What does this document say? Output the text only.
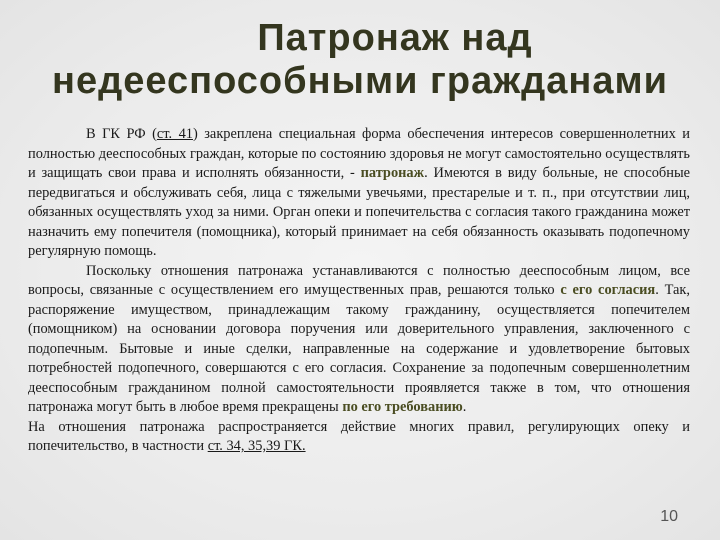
Патронаж над
недееспособными гражданами

В ГК РФ (ст. 41) закреплена специальная форма обеспечения интересов совершеннолетних и полностью дееспособных граждан, которые по состоянию здоровья не могут самостоятельно осуществлять и защищать свои права и исполнять обязанности, - патронаж. Имеются в виду больные, не способные передвигаться и обслуживать себя, лица с тяжелыми увечьями, престарелые и т. п., при отсутствии лиц, обязанных осуществлять уход за ними. Орган опеки и попечительства с согласия такого гражданина может назначить ему попечителя (помощника), который принимает на себя обязанность оказывать подопечному регулярную помощь.

Поскольку отношения патронажа устанавливаются с полностью дееспособным лицом, все вопросы, связанные с осуществлением его имущественных прав, решаются только с его согласия. Так, распоряжение имуществом, принадлежащим такому гражданину, осуществляется попечителем (помощником) на основании договора поручения или доверительного управления, заключенного с подопечным. Бытовые и иные сделки, направленные на содержание и удовлетворение бытовых потребностей подопечного, совершаются с его согласия. Сохранение за подопечным совершеннолетним дееспособным гражданином полной самостоятельности проявляется также в том, что отношения патронажа могут быть в любое время прекращены по его требованию.

На отношения патронажа распространяется действие многих правил, регулирующих опеку и попечительство, в частности ст. 34, 35,39 ГК.

10
